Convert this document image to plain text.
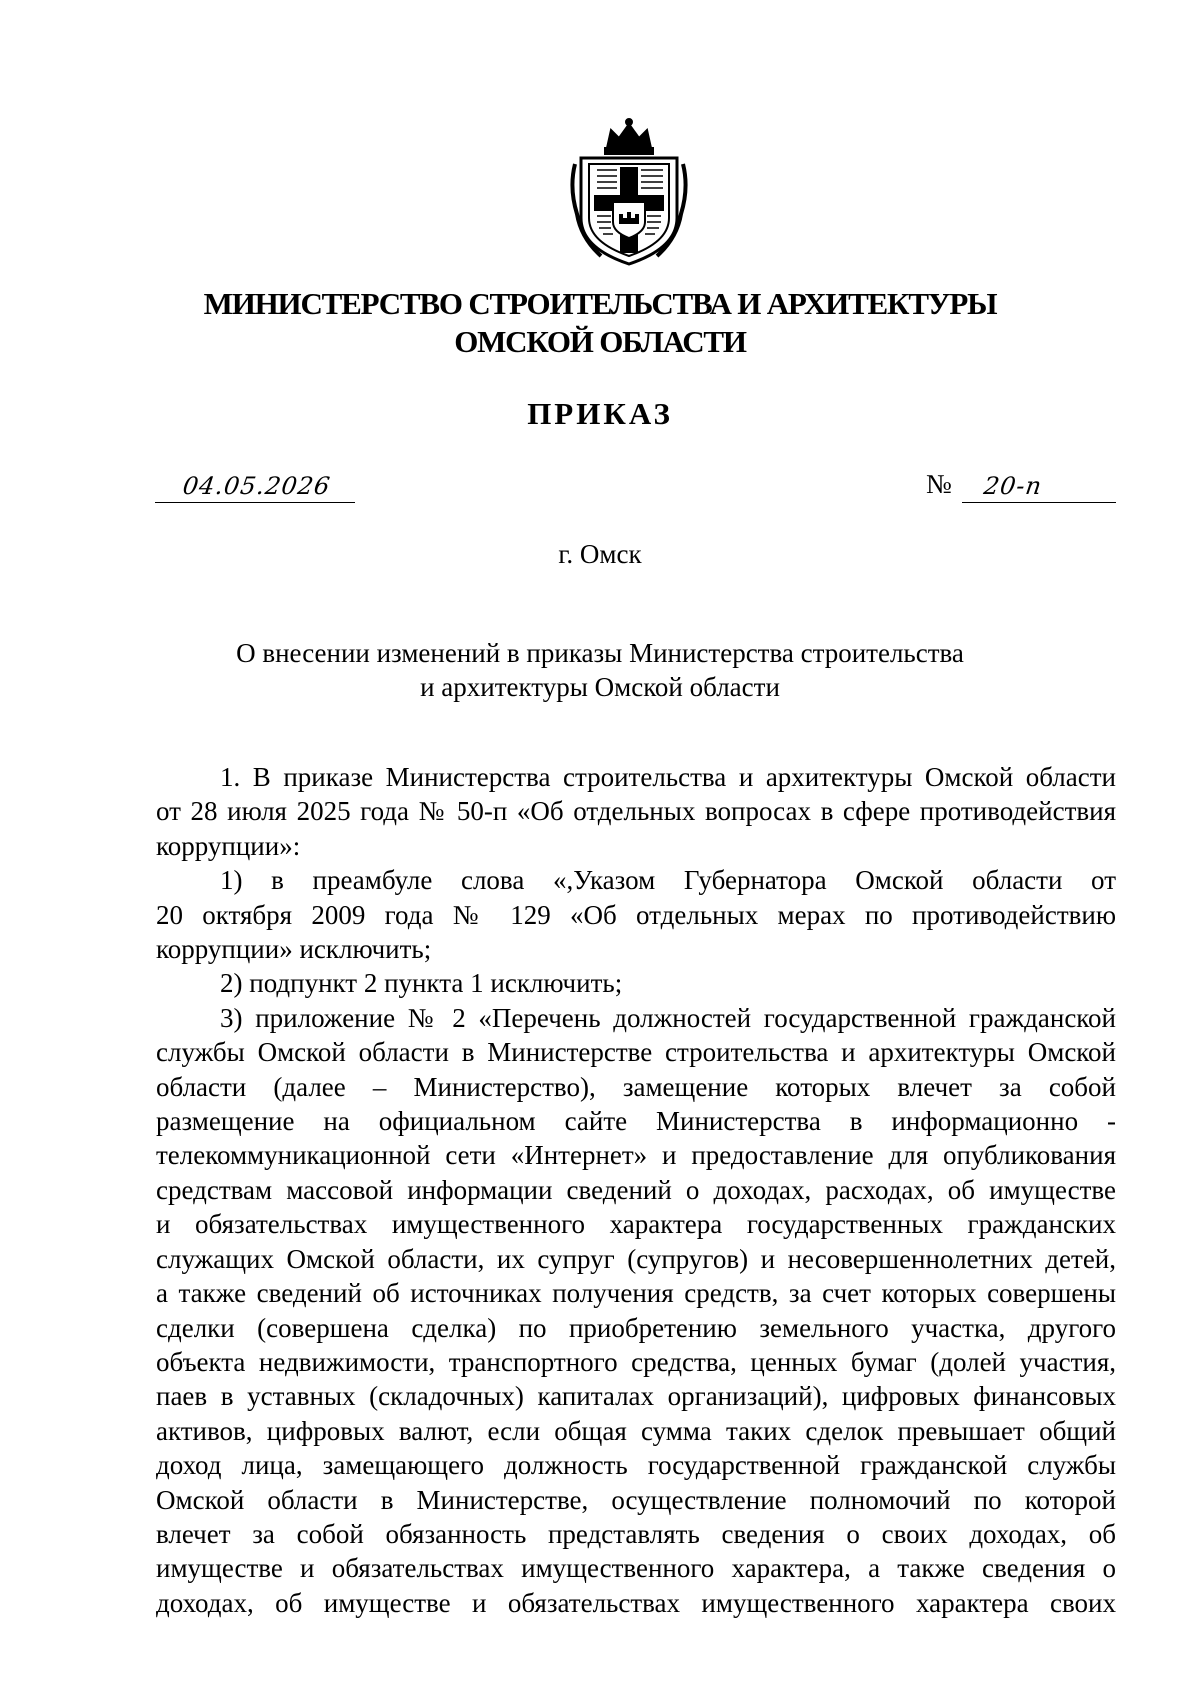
МИНИСТЕРСТВО СТРОИТЕЛЬСТВА И АРХИТЕКТУРЫ
ОМСКОЙ ОБЛАСТИ
ПРИКАЗ
04.05.2026	№ 20-п
г. Омск
О внесении изменений в приказы Министерства строительства
и архитектуры Омской области
1. В приказе Министерства строительства и архитектуры Омской области
от 28 июля 2025 года № 50-п «Об отдельных вопросах в сфере противодействия
коррупции»:
1) в преамбуле слова «,Указом Губернатора Омской области от
20 октября 2009 года № 129 «Об отдельных мерах по противодействию
коррупции» исключить;
2) подпункт 2 пункта 1 исключить;
3) приложение № 2 «Перечень должностей государственной гражданской
службы Омской области в Министерстве строительства и архитектуры Омской
области (далее – Министерство), замещение которых влечет за собой
размещение на официальном сайте Министерства в информационно -
телекоммуникационной сети «Интернет» и предоставление для опубликования
средствам массовой информации сведений о доходах, расходах, об имуществе
и обязательствах имущественного характера государственных гражданских
служащих Омской области, их супруг (супругов) и несовершеннолетних детей,
а также сведений об источниках получения средств, за счет которых совершены
сделки (совершена сделка) по приобретению земельного участка, другого
объекта недвижимости, транспортного средства, ценных бумаг (долей участия,
паев в уставных (складочных) капиталах организаций), цифровых финансовых
активов, цифровых валют, если общая сумма таких сделок превышает общий
доход лица, замещающего должность государственной гражданской службы
Омской области в Министерстве, осуществление полномочий по которой
влечет за собой обязанность представлять сведения о своих доходах, об
имуществе и обязательствах имущественного характера, а также сведения о
доходах, об имуществе и обязательствах имущественного характера своих
